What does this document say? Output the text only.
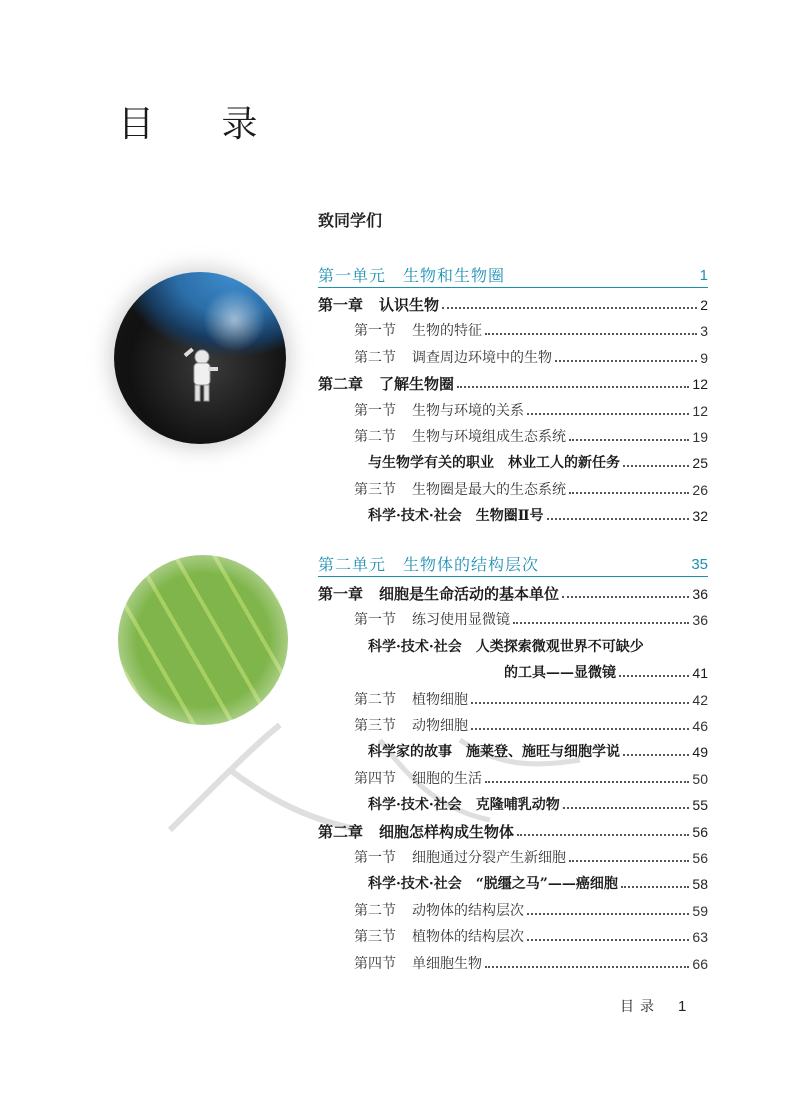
目 录
致同学们
第一单元　生物和生物圈	1
第一章 认识生物	2
第一节 生物的特征	3
第二节 调查周边环境中的生物	9
第二章 了解生物圈	12
第一节 生物与环境的关系	12
第二节 生物与环境组成生态系统	19
与生物学有关的职业　林业工人的新任务	25
第三节 生物圈是最大的生态系统	26
科学·技术·社会　生物圈Ⅱ号	32
第二单元　生物体的结构层次	35
第一章 细胞是生命活动的基本单位	36
第一节 练习使用显微镜	36
科学·技术·社会　人类探索微观世界不可缺少
的工具——显微镜	41
第二节 植物细胞	42
第三节 动物细胞	46
科学家的故事　施莱登、施旺与细胞学说	49
第四节 细胞的生活	50
科学·技术·社会　克隆哺乳动物	55
第二章 细胞怎样构成生物体	56
第一节 细胞通过分裂产生新细胞	56
科学·技术·社会　“脱缰之马”——癌细胞	58
第二节 动物体的结构层次	59
第三节 植物体的结构层次	63
第四节 单细胞生物	66
目录 1
